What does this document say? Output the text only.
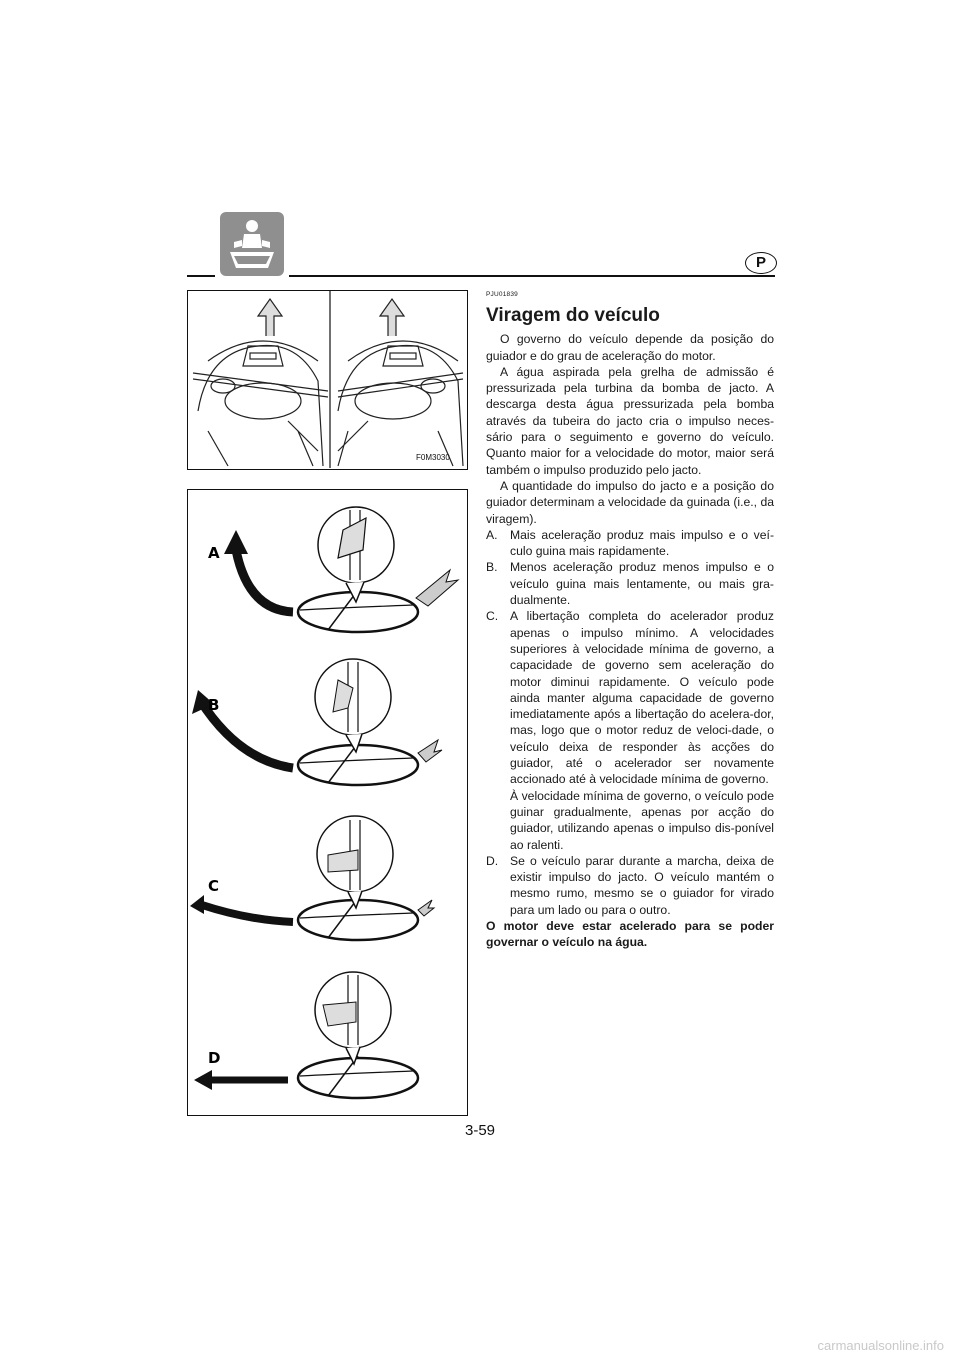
P
F0M3030
A
B
C
D
PJU01839
Viragem do veículo

O governo do veículo depende da posição do guiador e do grau de aceleração do motor.

A água aspirada pela grelha de admissão é pressurizada pela turbina da bomba de jacto. A descarga desta água pressurizada pela bomba através da tubeira do jacto cria o impulso neces-sário para o seguimento e governo do veículo. Quanto maior for a velocidade do motor, maior será também o impulso produzido pelo jacto.

A quantidade do impulso do jacto e a posição do guiador determinam a velocidade da guinada (i.e., da viragem).

A. Mais aceleração produz mais impulso e o veí-culo guina mais rapidamente.

B. Menos aceleração produz menos impulso e o veículo guina mais lentamente, ou mais gra-dualmente.

C. A libertação completa do acelerador produz apenas o impulso mínimo. A velocidades superiores à velocidade mínima de governo, a capacidade de governo sem aceleração do motor diminui rapidamente. O veículo pode ainda manter alguma capacidade de governo imediatamente após a libertação do acelera-dor, mas, logo que o motor reduz de veloci-dade, o veículo deixa de responder às acções do guiador, até o acelerador ser novamente accionado até à velocidade mínima de governo.

À velocidade mínima de governo, o veículo pode guinar gradualmente, apenas por acção do guiador, utilizando apenas o impulso dis-ponível ao ralenti.

D. Se o veículo parar durante a marcha, deixa de existir impulso do jacto. O veículo mantém o mesmo rumo, mesmo se o guiador for virado para um lado ou para o outro.

O motor deve estar acelerado para se poder governar o veículo na água.

3-59
carmanualsonline.info
